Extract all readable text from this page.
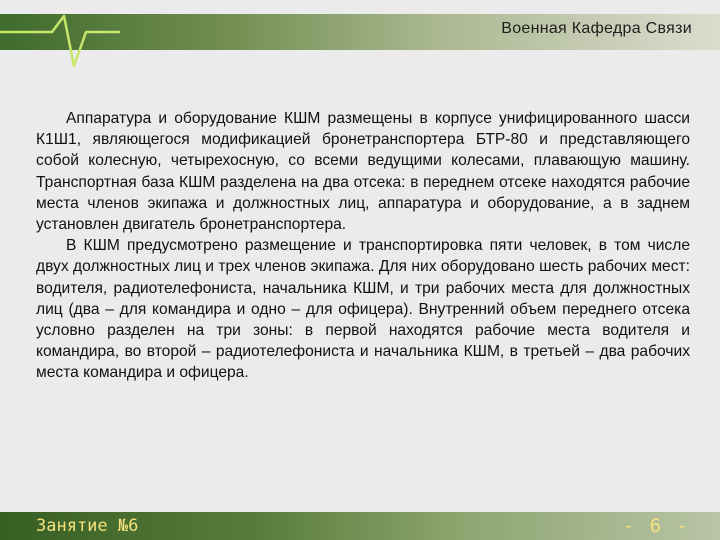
Военная Кафедра Связи

Аппаратура и оборудование КШМ размещены в корпусе унифицированного шасси К1Ш1, являющегося модификацией бронетранспортера БТР-80 и представляющего собой колесную, четырехосную, со всеми ведущими колесами, плавающую машину. Транспортная база КШМ разделена на два отсека: в переднем отсеке находятся рабочие места членов экипажа и должностных лиц, аппаратура и оборудование, а в заднем установлен двигатель бронетранспортера.

В КШМ предусмотрено размещение и транспортировка пяти человек, в том числе двух должностных лиц и трех членов экипажа. Для них оборудовано шесть рабочих мест: водителя, радиотелефониста, начальника КШМ, и три рабочих места для должностных лиц (два – для командира и одно – для офицера). Внутренний объем переднего отсека условно разделен на три зоны: в первой находятся рабочие места водителя и командира, во второй – радиотелефониста и начальника КШМ, в третьей – два рабочих места командира и офицера.

Занятие №6	- 6 -
